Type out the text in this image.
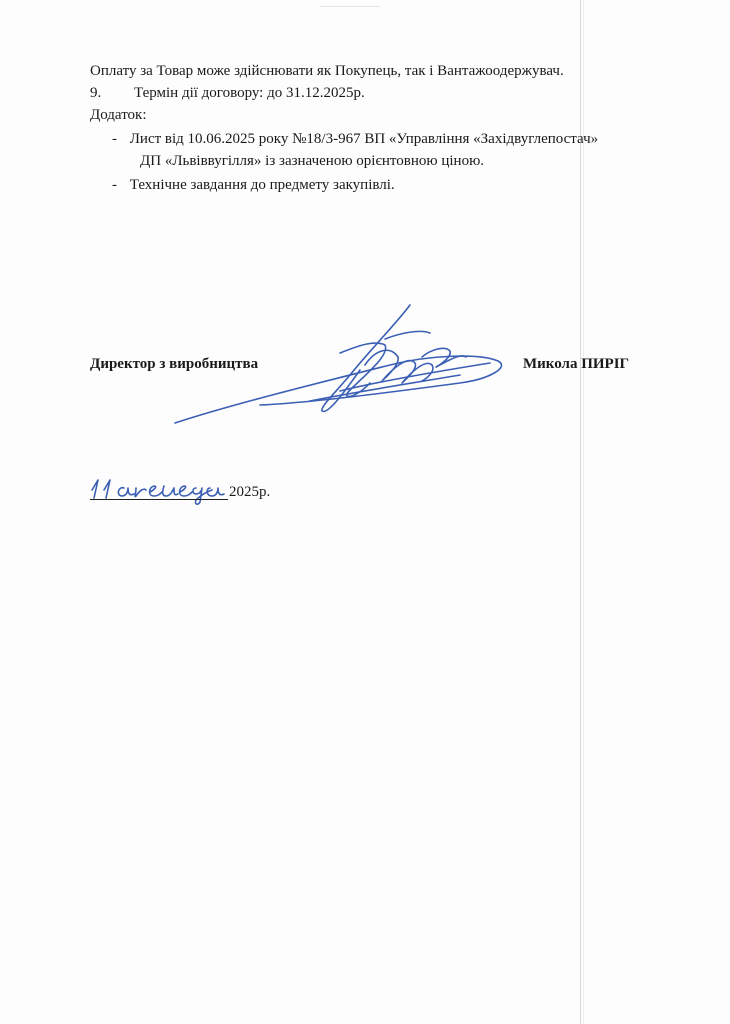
Оплату за Товар може здійснювати як Покупець, так і Вантажоодержувач.
9. Термін дії договору: до 31.12.2025р.
Додаток:
- Лист від 10.06.2025 року №18/3-967 ВП «Управління «Західвуглепостач»
ДП «Львіввугілля» із зазначеною орієнтовною ціною.
- Технічне завдання до предмету закупівлі.
Директор з виробництва	Микола ПИРІГ
2025р.
